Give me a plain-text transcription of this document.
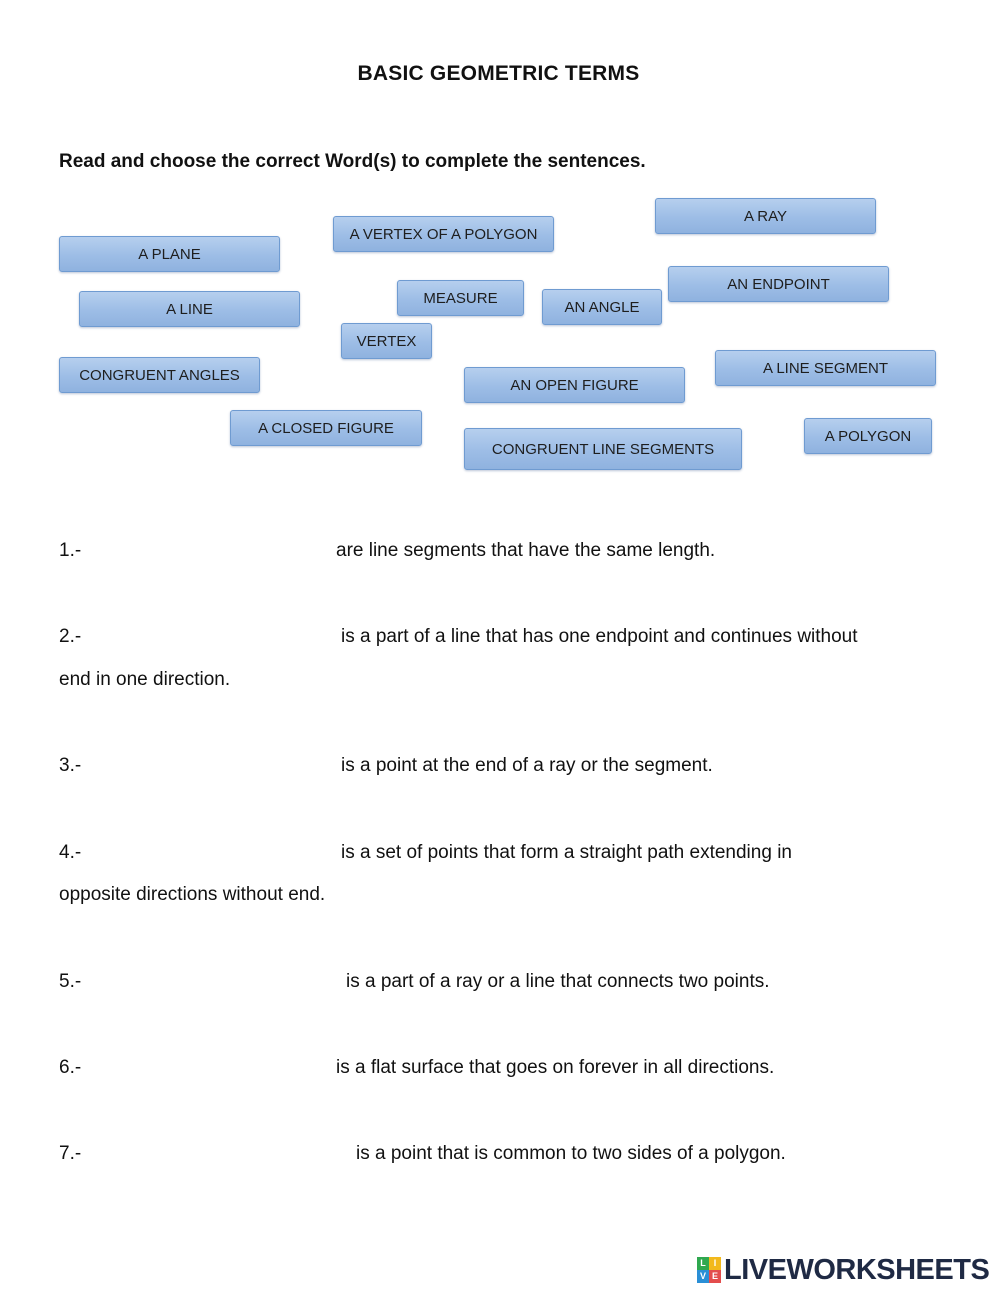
BASIC GEOMETRIC TERMS
Read and choose the correct Word(s) to complete the sentences.
A PLANE
A VERTEX OF A POLYGON
A RAY
AN ENDPOINT
A LINE
MEASURE
AN ANGLE
VERTEX
CONGRUENT ANGLES
AN OPEN FIGURE
A LINE SEGMENT
A CLOSED FIGURE
CONGRUENT LINE SEGMENTS
A POLYGON
1.-	are line segments that have the same length.
2.-	is a part of a line that has one endpoint and continues without
end in one direction.
3.-	is a point at the end of a ray or the segment.
4.-	is a set of points that form a straight path extending in
opposite directions without end.
5.-	is a part of a ray or a line that connects two points.
6.-	is a flat surface that goes on forever in all directions.
7.-	is a point that is common to two sides of a polygon.
L I
V E LIVEWORKSHEETS
